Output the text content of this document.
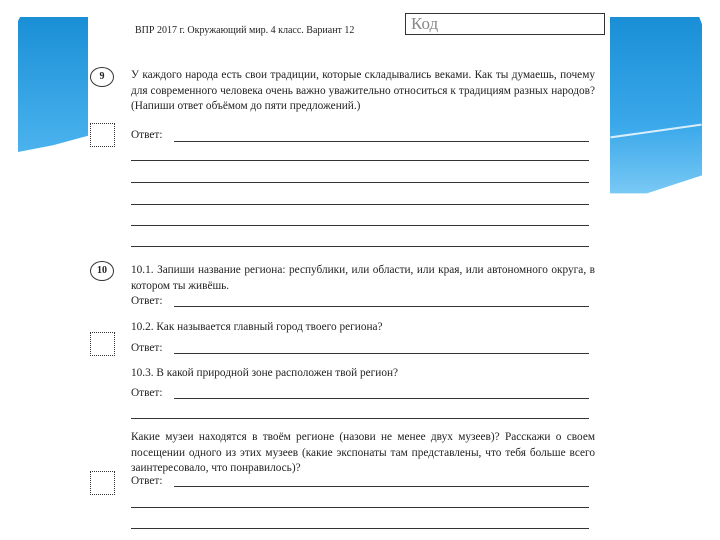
ВПР 2017 г. Окружающий мир. 4 класс. Вариант 12	Код
9	У каждого народа есть свои традиции, которые складывались веками. Как ты думаешь, почему для современного человека очень важно уважительно относиться к традициям разных народов? (Напиши ответ объёмом до пяти предложений.)
Ответ:
10	10.1. Запиши название региона: республики, или области, или края, или автономного округа, в котором ты живёшь.
Ответ:
10.2. Как называется главный город твоего региона?
Ответ:
10.3. В какой природной зоне расположен твой регион?
Ответ:
Какие музеи находятся в твоём регионе (назови не менее двух музеев)? Расскажи о своем посещении одного из этих музеев (какие экспонаты там представлены, что тебя больше всего заинтересовало, что понравилось)?
Ответ:
